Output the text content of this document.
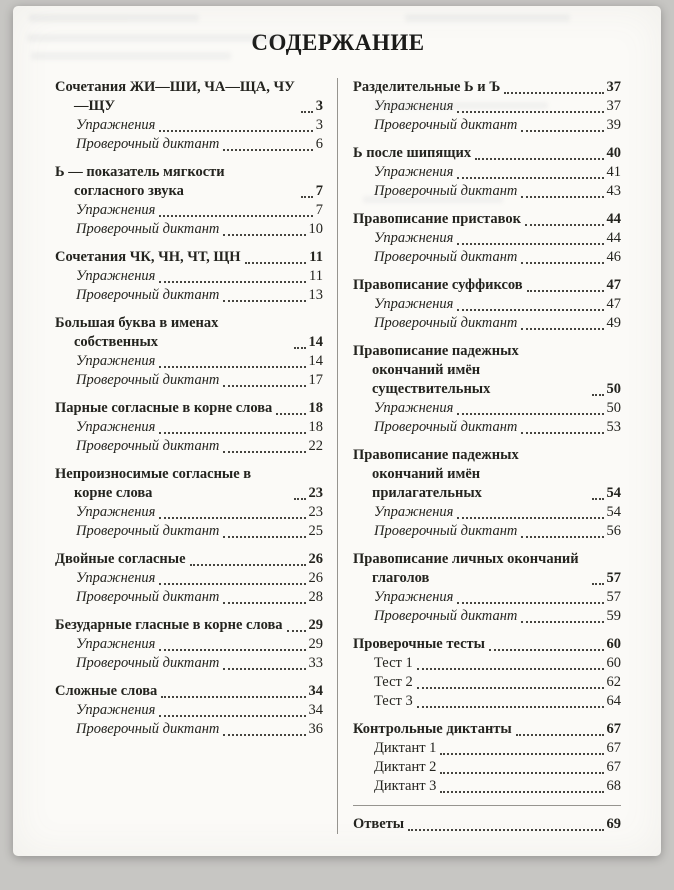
СОДЕРЖАНИЕ
Сочетания ЖИ—ШИ, ЧА—ЩА, ЧУ—ЩУ	3
Упражнения	3
Проверочный диктант	6
Ь — показатель мягкости согласного звука	7
Упражнения	7
Проверочный диктант	10
Сочетания ЧК, ЧН, ЧТ, ЩН	11
Упражнения	11
Проверочный диктант	13
Большая буква в именах собственных	14
Упражнения	14
Проверочный диктант	17
Парные согласные в корне слова 18
Упражнения	18
Проверочный диктант	22
Непроизносимые согласные в корне слова	23
Упражнения	23
Проверочный диктант	25
Двойные согласные	26
Упражнения	26
Проверочный диктант	28
Безударные гласные в корне слова 29
Упражнения	29
Проверочный диктант	33
Сложные слова	34
Упражнения	34
Проверочный диктант	36
Разделительные Ь и Ъ	37
Упражнения	37
Проверочный диктант	39
Ь после шипящих	40
Упражнения	41
Проверочный диктант	43
Правописание приставок	44
Упражнения	44
Проверочный диктант	46
Правописание суффиксов	47
Упражнения	47
Проверочный диктант	49
Правописание падежных окончаний имён существительных	50
Упражнения	50
Проверочный диктант	53
Правописание падежных окончаний имён прилагательных	54
Упражнения	54
Проверочный диктант	56
Правописание личных окончаний глаголов	57
Упражнения	57
Проверочный диктант	59
Проверочные тесты	60
Тест 1	60
Тест 2	62
Тест 3	64
Контрольные диктанты	67
Диктант 1	67
Диктант 2	67
Диктант 3	68
Ответы	69
